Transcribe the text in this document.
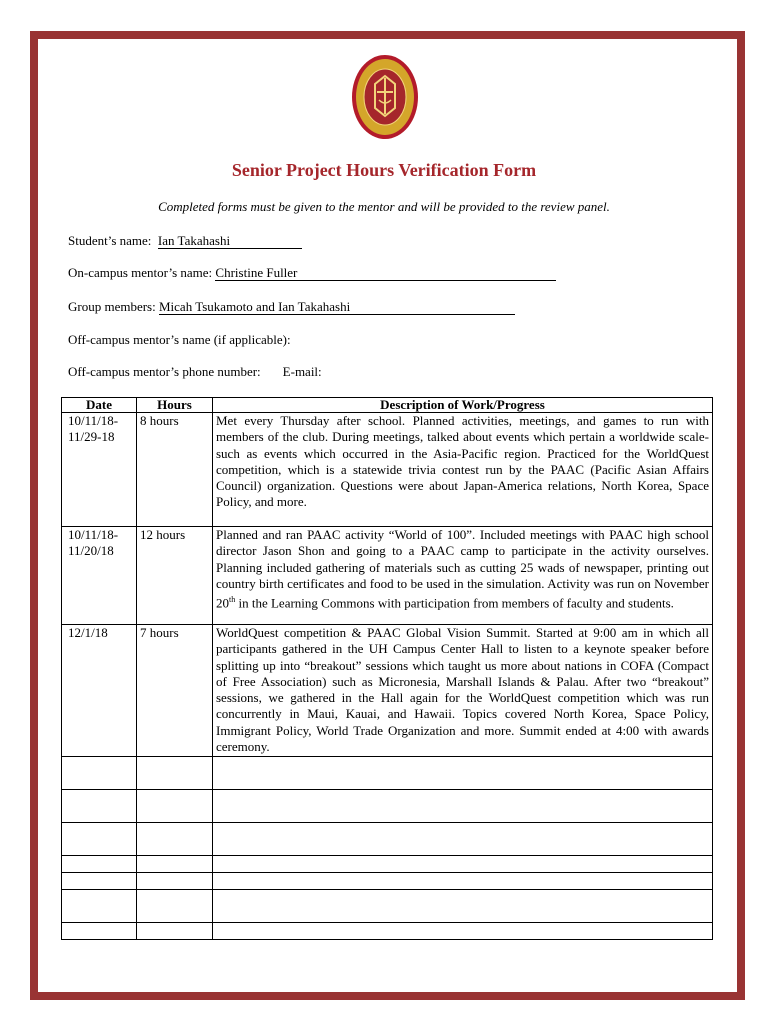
Senior Project Hours Verification Form
Completed forms must be given to the mentor and will be provided to the review panel.
Student’s name: Ian Takahashi
On-campus mentor’s name: Christine Fuller
Group members: Micah Tsukamoto and Ian Takahashi
Off-campus mentor’s name (if applicable):
Off-campus mentor’s phone number: E-mail:
Date	Hours	Description of Work/Progress
10/11/18-11/29-18	8 hours	Met every Thursday after school. Planned activities, meetings, and games to run with members of the club. During meetings, talked about events which pertain a worldwide scale- such as events which occurred in the Asia-Pacific region. Practiced for the WorldQuest competition, which is a statewide trivia contest run by the PAAC (Pacific Asian Affairs Council) organization. Questions were about Japan-America relations, North Korea, Space Policy, and more.
10/11/18-11/20/18	12 hours	Planned and ran PAAC activity “World of 100”. Included meetings with PAAC high school director Jason Shon and going to a PAAC camp to participate in the activity ourselves. Planning included gathering of materials such as cutting 25 wads of newspaper, printing out country birth certificates and food to be used in the simulation. Activity was run on November 20th in the Learning Commons with participation from members of faculty and students.
12/1/18	7 hours	WorldQuest competition & PAAC Global Vision Summit. Started at 9:00 am in which all participants gathered in the UH Campus Center Hall to listen to a keynote speaker before splitting up into “breakout” sessions which taught us more about nations in COFA (Compact of Free Association) such as Micronesia, Marshall Islands & Palau. After two “breakout” sessions, we gathered in the Hall again for the WorldQuest competition which was run concurrently in Maui, Kauai, and Hawaii. Topics covered North Korea, Space Policy, Immigrant Policy, World Trade Organization and more. Summit ended at 4:00 with awards ceremony.
